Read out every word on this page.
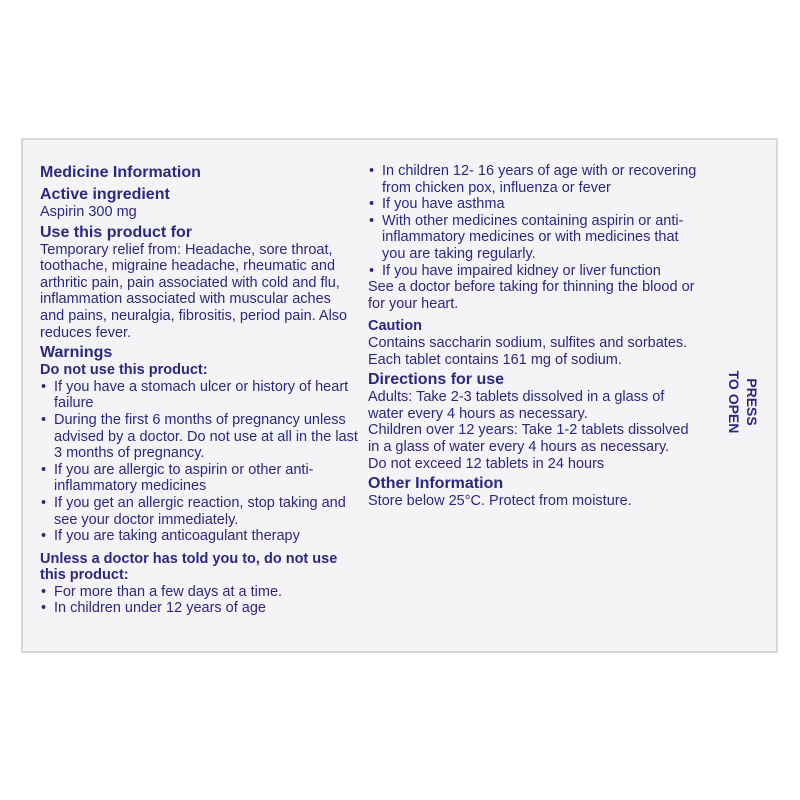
Medicine Information
Active ingredient
Aspirin 300 mg
Use this product for
Temporary relief from: Headache, sore throat, toothache, migraine headache, rheumatic and arthritic pain, pain associated with cold and flu, inflammation associated with muscular aches and pains, neuralgia, fibrositis, period pain. Also reduces fever.
Warnings
Do not use this product:
• If you have a stomach ulcer or history of heart failure
• During the first 6 months of pregnancy unless advised by a doctor. Do not use at all in the last 3 months of pregnancy.
• If you are allergic to aspirin or other anti-inflammatory medicines
• If you get an allergic reaction, stop taking and see your doctor immediately.
• If you are taking anticoagulant therapy
Unless a doctor has told you to, do not use this product:
• For more than a few days at a time.
• In children under 12 years of age
• In children 12- 16 years of age with or recovering from chicken pox, influenza or fever
• If you have asthma
• With other medicines containing aspirin or anti-inflammatory medicines or with medicines that you are taking regularly.
• If you have impaired kidney or liver function
See a doctor before taking for thinning the blood or for your heart.
Caution
Contains saccharin sodium, sulfites and sorbates.
Each tablet contains 161 mg of sodium.
Directions for use
Adults: Take 2-3 tablets dissolved in a glass of water every 4 hours as necessary.
Children over 12 years: Take 1-2 tablets dissolved in a glass of water every 4 hours as necessary.
Do not exceed 12 tablets in 24 hours
Other Information
Store below 25°C. Protect from moisture.
PRESS
TO OPEN
